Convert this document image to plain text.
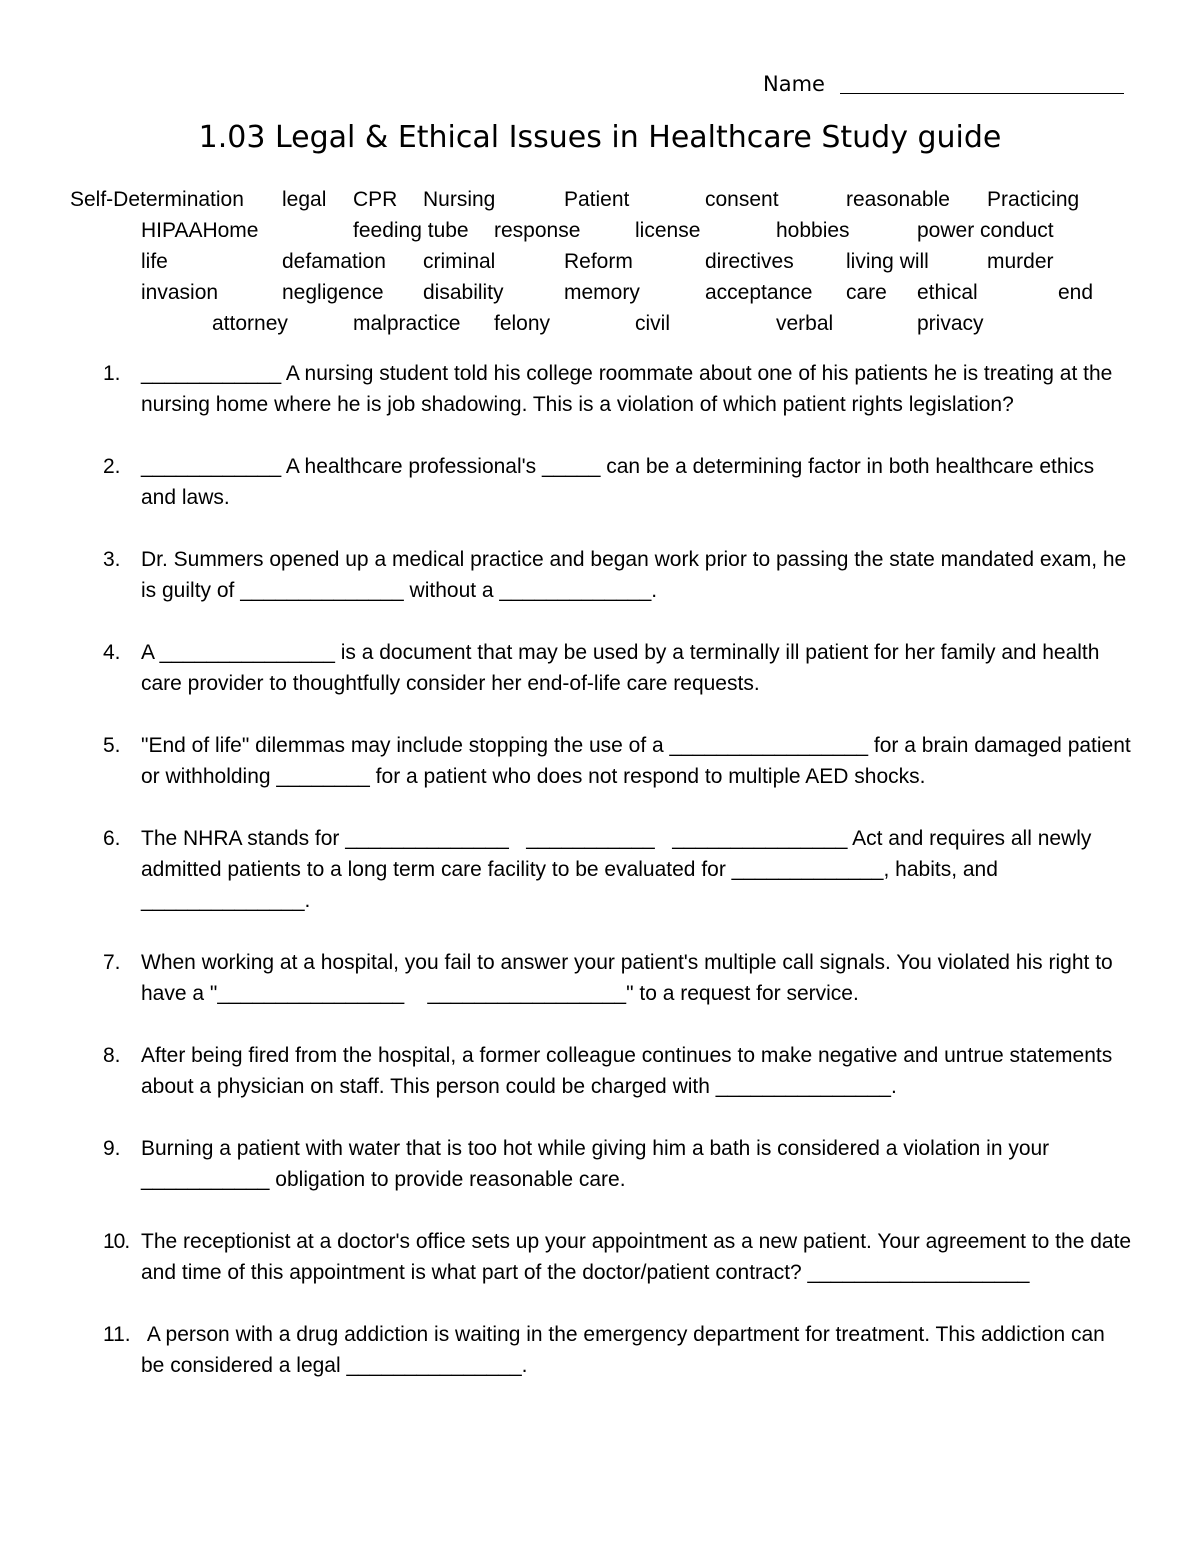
Name
1.03 Legal & Ethical Issues in Healthcare Study guide
Self-Determination legal CPR Nursing	Patient	consent	reasonable Practicing
HIPAAHome	feeding tube response	license	hobbies	power conduct
life	defamation criminal	Reform	directives living will	murder
invasion	negligence disability	memory	acceptance care ethical	end
attorney	malpractice felony	civil	verbal	privacy
1. ____________ A nursing student told his college roommate about one of his patients he is treating at the nursing home where he is job shadowing. This is a violation of which patient rights legislation?
2. ____________ A healthcare professional's _____ can be a determining factor in both healthcare ethics and laws.
3. Dr. Summers opened up a medical practice and began work prior to passing the state mandated exam, he is guilty of ______________ without a _____________.
4. A _______________ is a document that may be used by a terminally ill patient for her family and health care provider to thoughtfully consider her end-of-life care requests.
5. "End of life" dilemmas may include stopping the use of a _________________ for a brain damaged patient or withholding ________ for a patient who does not respond to multiple AED shocks.
6. The NHRA stands for ______________   ___________   _______________ Act and requires all newly admitted patients to a long term care facility to be evaluated for _____________, habits, and ______________.
7. When working at a hospital, you fail to answer your patient's multiple call signals. You violated his right to have a "________________    _________________" to a request for service.
8. After being fired from the hospital, a former colleague continues to make negative and untrue statements about a physician on staff. This person could be charged with _______________.
9. Burning a patient with water that is too hot while giving him a bath is considered a violation in your ___________ obligation to provide reasonable care.
10. The receptionist at a doctor's office sets up your appointment as a new patient. Your agreement to the date and time of this appointment is what part of the doctor/patient contract? ___________________
11. A person with a drug addiction is waiting in the emergency department for treatment. This addiction can be considered a legal _______________.
